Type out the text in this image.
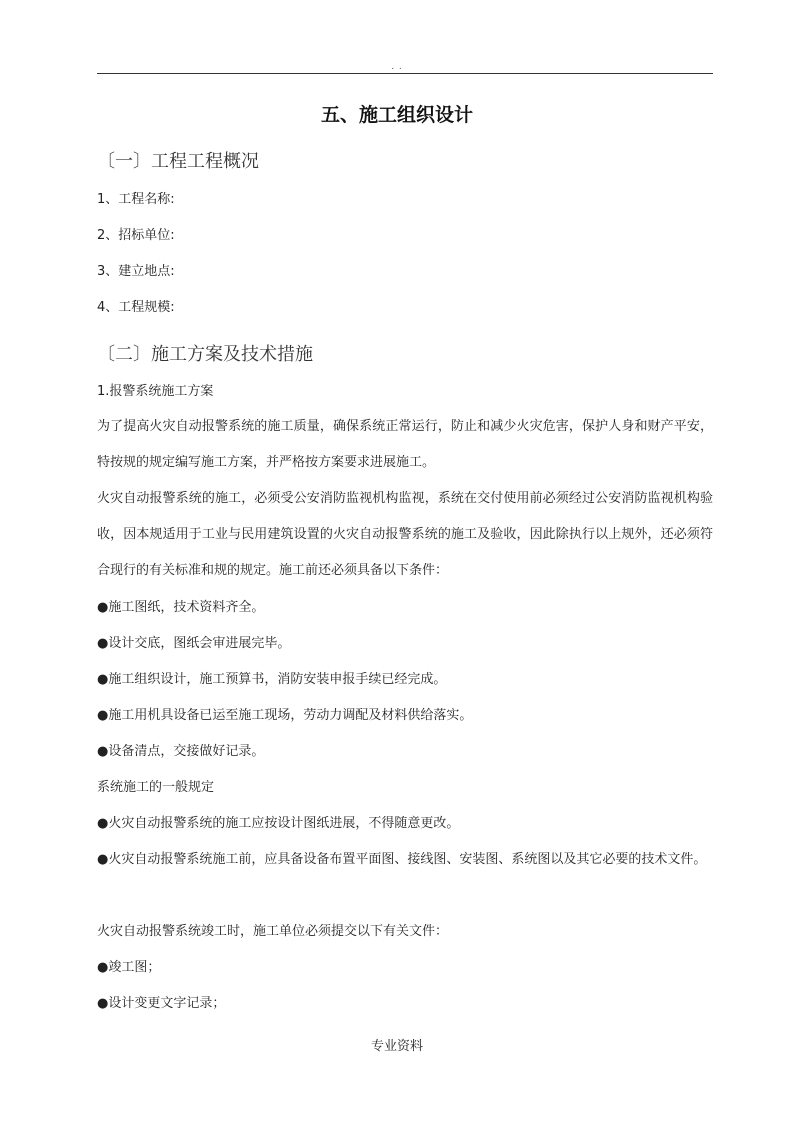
. .
五、施工组织设计
〔一〕工程工程概况
1、工程名称:
2、招标单位:
3、建立地点:
4、工程规模:
〔二〕施工方案及技术措施
1.报警系统施工方案

为了提高火灾自动报警系统的施工质量，确保系统正常运行，防止和减少火灾危害，保护人身和财产平安，特按规的规定编写施工方案，并严格按方案要求进展施工。

火灾自动报警系统的施工，必须受公安消防监视机构监视，系统在交付使用前必须经过公安消防监视机构验收，因本规适用于工业与民用建筑设置的火灾自动报警系统的施工及验收，因此除执行以上规外，还必须符合现行的有关标准和规的规定。施工前还必须具备以下条件：

●施工图纸，技术资料齐全。
●设计交底，图纸会审进展完毕。
●施工组织设计，施工预算书，消防安装申报手续已经完成。
●施工用机具设备已运至施工现场，劳动力调配及材料供给落实。
●设备清点，交接做好记录。
系统施工的一般规定
●火灾自动报警系统的施工应按设计图纸进展，不得随意更改。

●火灾自动报警系统施工前，应具备设备布置平面图、接线图、安装图、系统图以及其它必要的技术文件。

火灾自动报警系统竣工时，施工单位必须提交以下有关文件：
●竣工图；
●设计变更文字记录；
专业资料
